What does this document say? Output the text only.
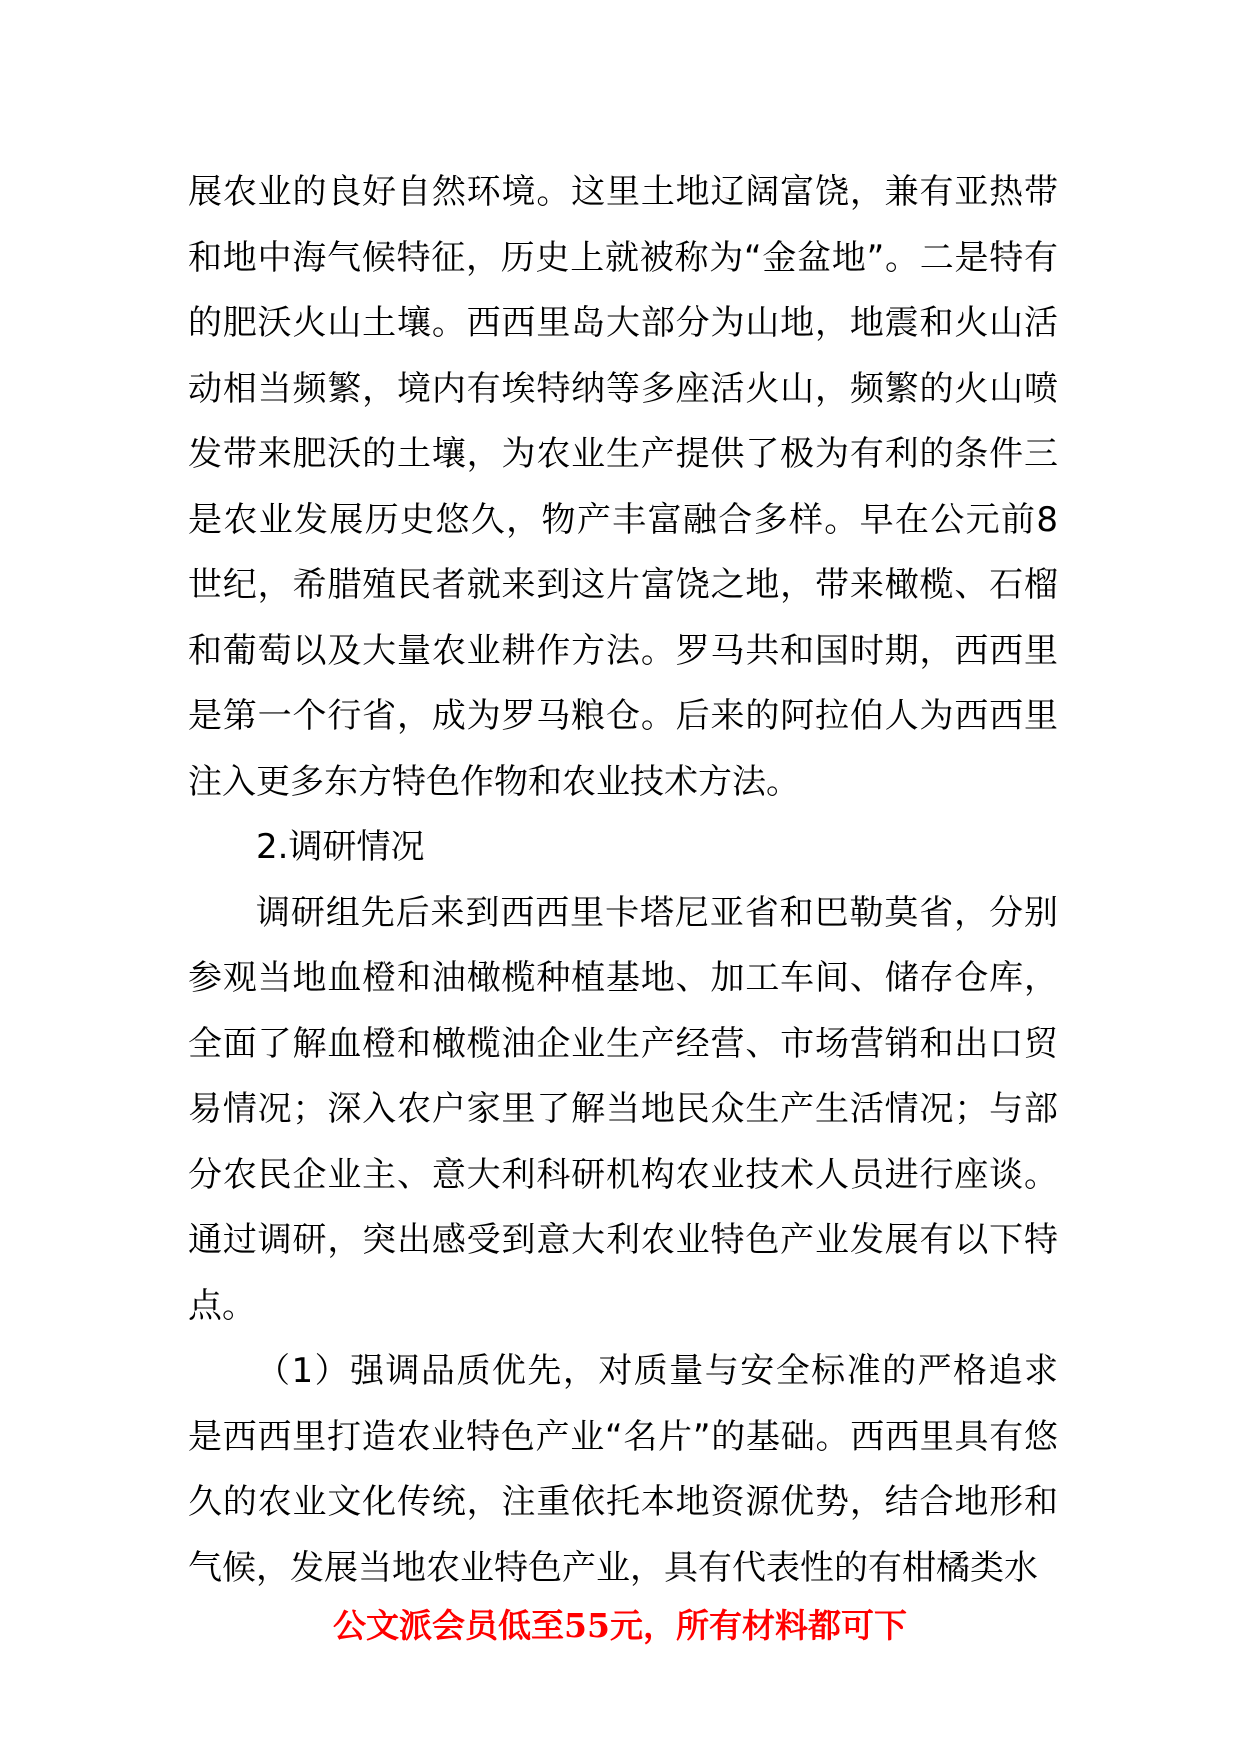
展农业的良好自然环境。这里土地辽阔富饶，兼有亚热带和地中海气候特征，历史上就被称为“金盆地”。二是特有的肥沃火山土壤。西西里岛大部分为山地，地震和火山活动相当频繁，境内有埃特纳等多座活火山，频繁的火山喷发带来肥沃的土壤，为农业生产提供了极为有利的条件三是农业发展历史悠久，物产丰富融合多样。早在公元前8世纪，希腊殖民者就来到这片富饶之地，带来橄榄、石榴和葡萄以及大量农业耕作方法。罗马共和国时期，西西里是第一个行省，成为罗马粮仓。后来的阿拉伯人为西西里注入更多东方特色作物和农业技术方法。

2.调研情况

调研组先后来到西西里卡塔尼亚省和巴勒莫省，分别参观当地血橙和油橄榄种植基地、加工车间、储存仓库，全面了解血橙和橄榄油企业生产经营、市场营销和出口贸易情况；深入农户家里了解当地民众生产生活情况；与部分农民企业主、意大利科研机构农业技术人员进行座谈。通过调研，突出感受到意大利农业特色产业发展有以下特点。

（1）强调品质优先，对质量与安全标准的严格追求是西西里打造农业特色产业“名片”的基础。西西里具有悠久的农业文化传统，注重依托本地资源优势，结合地形和气候，发展当地农业特色产业，具有代表性的有柑橘类水

公文派会员低至55元，所有材料都可下
